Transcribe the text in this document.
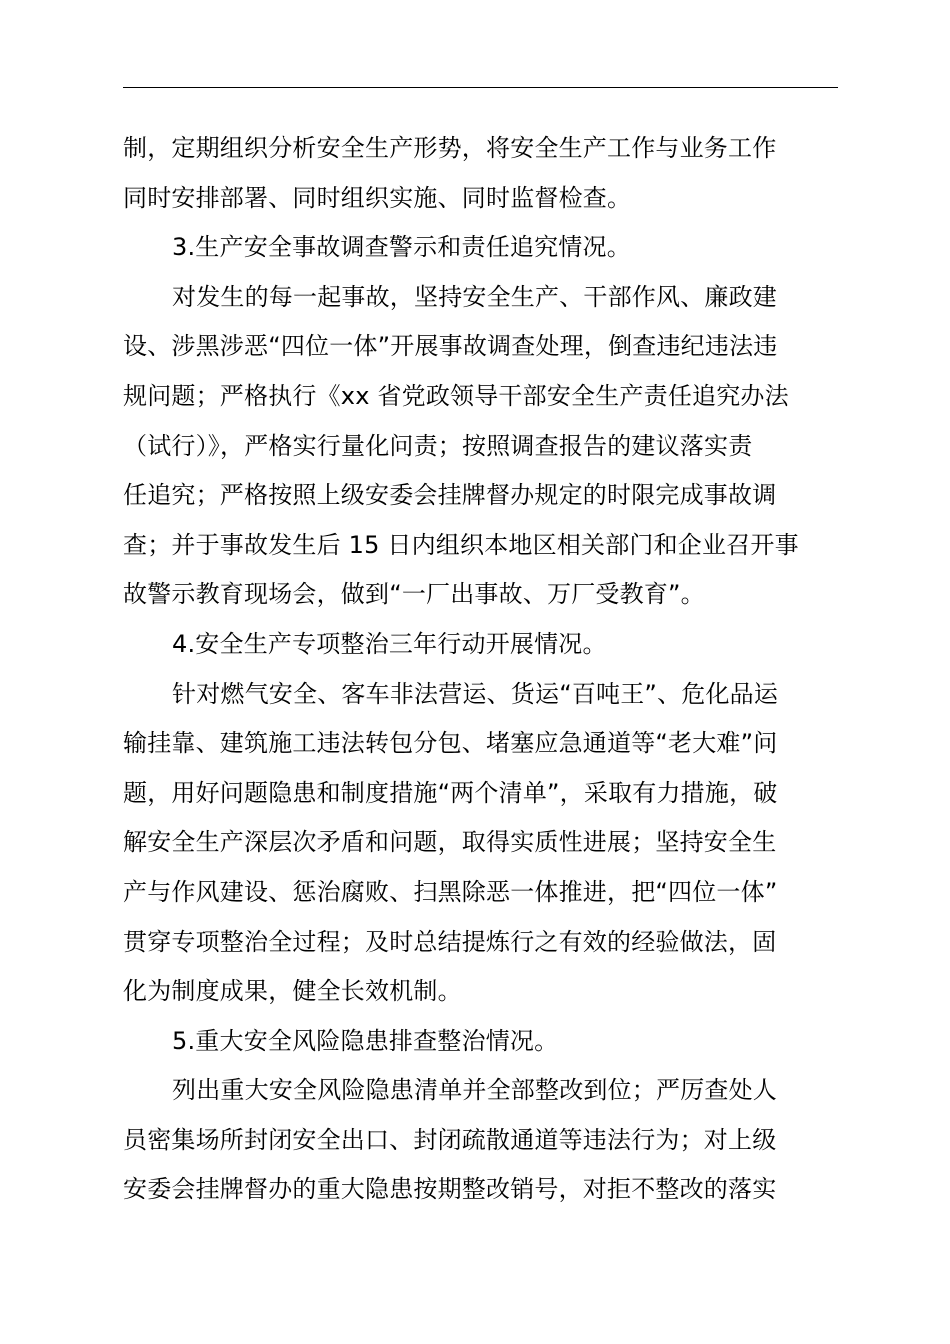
制，定期组织分析安全生产形势，将安全生产工作与业务工作
同时安排部署、同时组织实施、同时监督检查。
3.生产安全事故调查警示和责任追究情况。
对发生的每一起事故，坚持安全生产、干部作风、廉政建
设、涉黑涉恶“四位一体”开展事故调查处理，倒查违纪违法违
规问题；严格执行《xx 省党政领导干部安全生产责任追究办法
（试行）》，严格实行量化问责；按照调查报告的建议落实责
任追究；严格按照上级安委会挂牌督办规定的时限完成事故调
查；并于事故发生后 15 日内组织本地区相关部门和企业召开事
故警示教育现场会，做到“一厂出事故、万厂受教育”。
4.安全生产专项整治三年行动开展情况。
针对燃气安全、客车非法营运、货运“百吨王”、危化品运
输挂靠、建筑施工违法转包分包、堵塞应急通道等“老大难”问
题，用好问题隐患和制度措施“两个清单”，采取有力措施，破
解安全生产深层次矛盾和问题，取得实质性进展；坚持安全生
产与作风建设、惩治腐败、扫黑除恶一体推进，把“四位一体”
贯穿专项整治全过程；及时总结提炼行之有效的经验做法，固
化为制度成果，健全长效机制。
5.重大安全风险隐患排查整治情况。
列出重大安全风险隐患清单并全部整改到位；严厉查处人
员密集场所封闭安全出口、封闭疏散通道等违法行为；对上级
安委会挂牌督办的重大隐患按期整改销号，对拒不整改的落实
